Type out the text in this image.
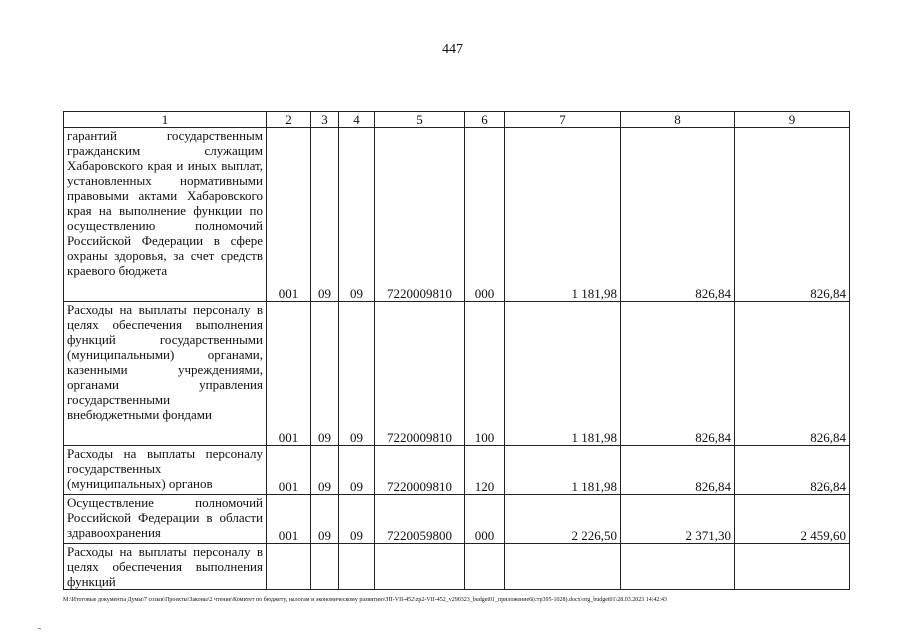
447
1	2	3	4	5	6	7	8	9
гарантий государственным гражданским служащим Хабаровского края и иных выплат, установленных нормативными правовыми актами Хабаровского края на выполнение функции по осуществлению полномочий Российской Федерации в сфере охраны здоровья, за счет средств краевого бюджета	001	09	09	7220009810	000	1 181,98	826,84	826,84
Расходы на выплаты персоналу в целях обеспечения выполнения функций государственными (муниципальными) органами, казенными учреждениями, органами управления государственными внебюджетными фондами	001	09	09	7220009810	100	1 181,98	826,84	826,84
Расходы на выплаты персоналу государственных (муниципальных) органов	001	09	09	7220009810	120	1 181,98	826,84	826,84
Осуществление полномочий Российской Федерации в области здравоохранения	001	09	09	7220059800	000	2 226,50	2 371,30	2 459,60
Расходы на выплаты персоналу в целях обеспечения выполнения функций								
M:\Итоговые документы Думы\7 созыв\Проекты\Законы\2 чтение\Комитет по бюджету, налогам и экономическому развитию\ЗП-VII-452\zp2-VII-452_v290323_budget01_приложение6(стр395-1028).docx\org_budget01\28.03.2023 14:42:43
